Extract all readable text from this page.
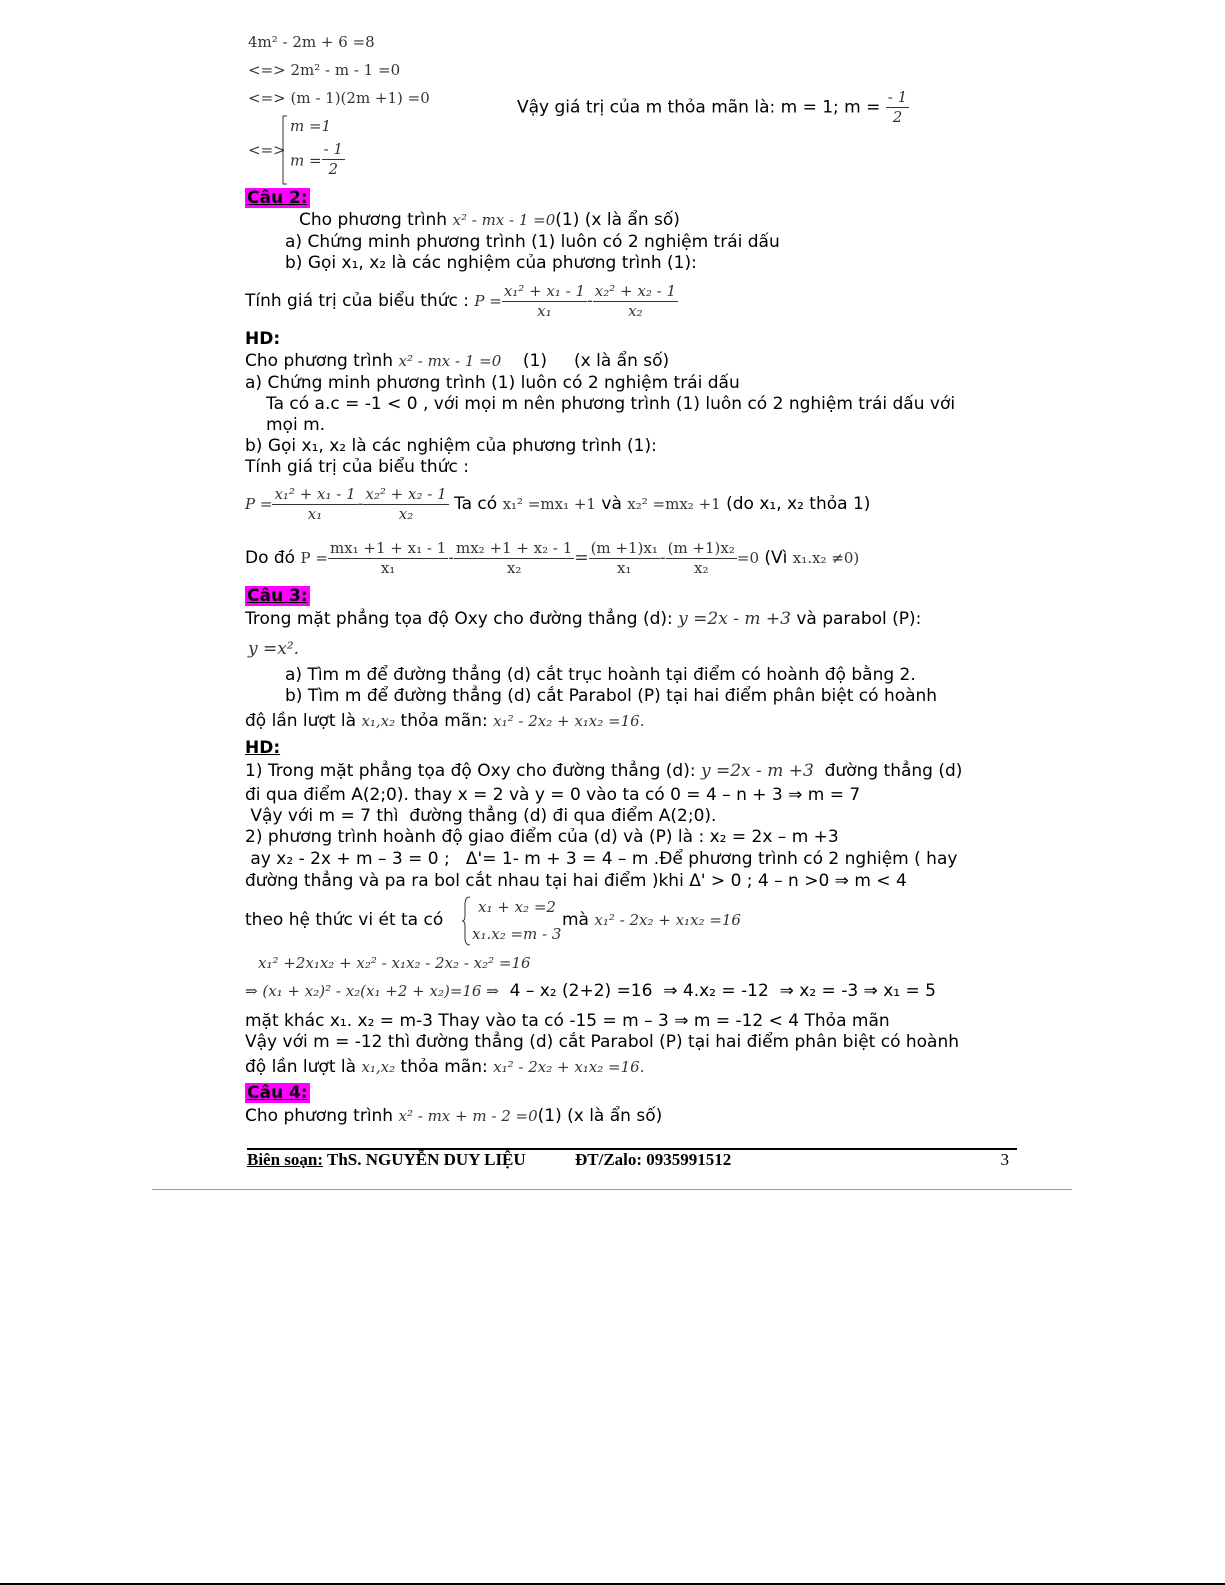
4m² - 2m + 6 =8
<=> 2m² - m - 1 =0
<=> (m - 1)(2m +1) =0
<=>
m =1
$m = \frac{- 1}{2}$
Vậy giá trị của m thỏa mãn là: m = 1; $m = \frac{- 1}{2}$
Câu 2:
Cho phương trình x² - mx - 1 =0(1) (x là ẩn số)
a) Chứng minh phương trình (1) luôn có 2 nghiệm trái dấu
b) Gọi x₁, x₂ là các nghiệm của phương trình (1):
Tính giá trị của biểu thức : $P = \frac{\text{x₁² + x₁ - 1}}{\text{x₁}} - \frac{\text{x₂² + x₂ - 1}}{\text{x₂}}$
HD:
Cho phương trình x² - mx - 1 =0    (1)     (x là ẩn số)
a) Chứng minh phương trình (1) luôn có 2 nghiệm trái dấu
Ta có a.c = -1 < 0 , với mọi m nên phương trình (1) luôn có 2 nghiệm trái dấu với
mọi m.
b) Gọi x₁, x₂ là các nghiệm của phương trình (1):
Tính giá trị của biểu thức :
$P = \frac{\text{x₁² + x₁ - 1}}{\text{x₁}} - \frac{\text{x₂² + x₂ - 1}}{\text{x₂}}$ Ta có x₁² =mx₁ +1 và x₂² =mx₂ +1 (do x₁, x₂ thỏa 1)
Do đó $P = \frac{\text{mx₁ +1 + x₁ - 1}}{\text{x₁}} - \frac{\text{mx₂ +1 + x₂ - 1}}{\text{x₂}} = \frac{\text{(m +1)x₁}}{\text{x₁}} - \frac{\text{(m +1)x₂}}{\text{x₂}} =0$ (Vì x₁.x₂ ≠0)
Câu 3:
Trong mặt phẳng tọa độ Oxy cho đường thẳng (d): y =2x - m +3 và parabol (P):
y =x².
a) Tìm m để đường thẳng (d) cắt trục hoành tại điểm có hoành độ bằng 2.
b) Tìm m để đường thẳng (d) cắt Parabol (P) tại hai điểm phân biệt có hoành
độ lần lượt là x₁,x₂ thỏa mãn: x₁² - 2x₂ + x₁x₂ =16.
HD:
1) Trong mặt phẳng tọa độ Oxy cho đường thẳng (d): y =2x - m +3  đường thẳng (d)
đi qua điểm A(2;0). thay x = 2 và y = 0 vào ta có 0 = 4 – n + 3 ⇒ m = 7
Vậy với m = 7 thì  đường thẳng (d) đi qua điểm A(2;0).
2) phương trình hoành độ giao điểm của (d) và (P) là : x₂ = 2x – m +3
ay x₂ - 2x + m – 3 = 0 ;   Δ'= 1- m + 3 = 4 – m .Để phương trình có 2 nghiệm ( hay
đường thẳng và pa ra bol cắt nhau tại hai điểm )khi Δ' > 0 ; 4 – n >0 ⇒ m < 4
theo hệ thức vi ét ta có
x₁ + x₂ =2
x₁.x₂ =m - 3
mà x₁² - 2x₂ + x₁x₂ =16
x₁² +2x₁x₂ + x₂² - x₁x₂ - 2x₂ - x₂² =16
⇒ (x₁ + x₂)² - x₂(x₁ +2 + x₂)=16 ⇒  4 – x₂ (2+2) =16  ⇒ 4.x₂ = -12  ⇒ x₂ = -3 ⇒ x₁ = 5
mặt khác x₁. x₂ = m-3 Thay vào ta có -15 = m – 3 ⇒ m = -12 < 4 Thỏa mãn
Vậy với m = -12 thì đường thẳng (d) cắt Parabol (P) tại hai điểm phân biệt có hoành
độ lần lượt là x₁,x₂ thỏa mãn: x₁² - 2x₂ + x₁x₂ =16.
Câu 4:
Cho phương trình x² - mx + m - 2 =0(1) (x là ẩn số)
Biên soạn: ThS. NGUYỄN DUY LIỆU	ĐT/Zalo: 0935991512	3
